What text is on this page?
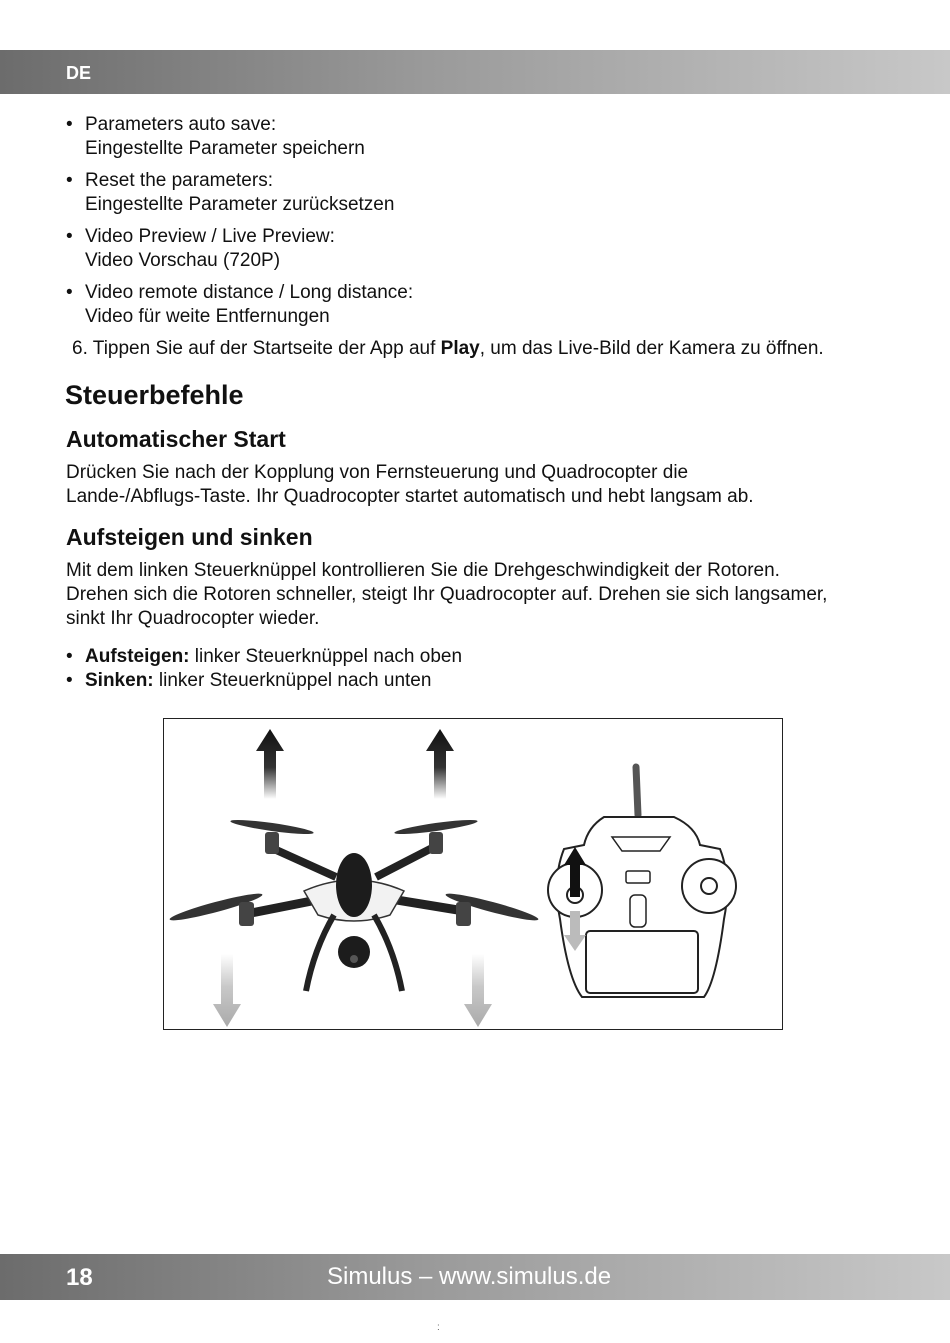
DE
• Parameters auto save:
Eingestellte Parameter speichern
• Reset the parameters:
Eingestellte Parameter zurücksetzen
• Video Preview / Live Preview:
Video Vorschau (720P)
• Video remote distance / Long distance:
Video für weite Entfernungen

6. Tippen Sie auf der Startseite der App auf Play, um das Live-Bild der Kamera zu öffnen.

Steuerbefehle
Automatischer Start

Drücken Sie nach der Kopplung von Fernsteuerung und Quadrocopter die
Lande-/Abflugs-Taste. Ihr Quadrocopter startet automatisch und hebt langsam ab.

Aufsteigen und sinken

Mit dem linken Steuerknüppel kontrollieren Sie die Drehgeschwindigkeit der Rotoren.
Drehen sich die Rotoren schneller, steigt Ihr Quadrocopter auf. Drehen sie sich langsamer,
sinkt Ihr Quadrocopter wieder.

• Aufsteigen: linker Steuerknüppel nach oben
• Sinken: linker Steuerknüppel nach unten
18	Simulus – www.simulus.de
:
